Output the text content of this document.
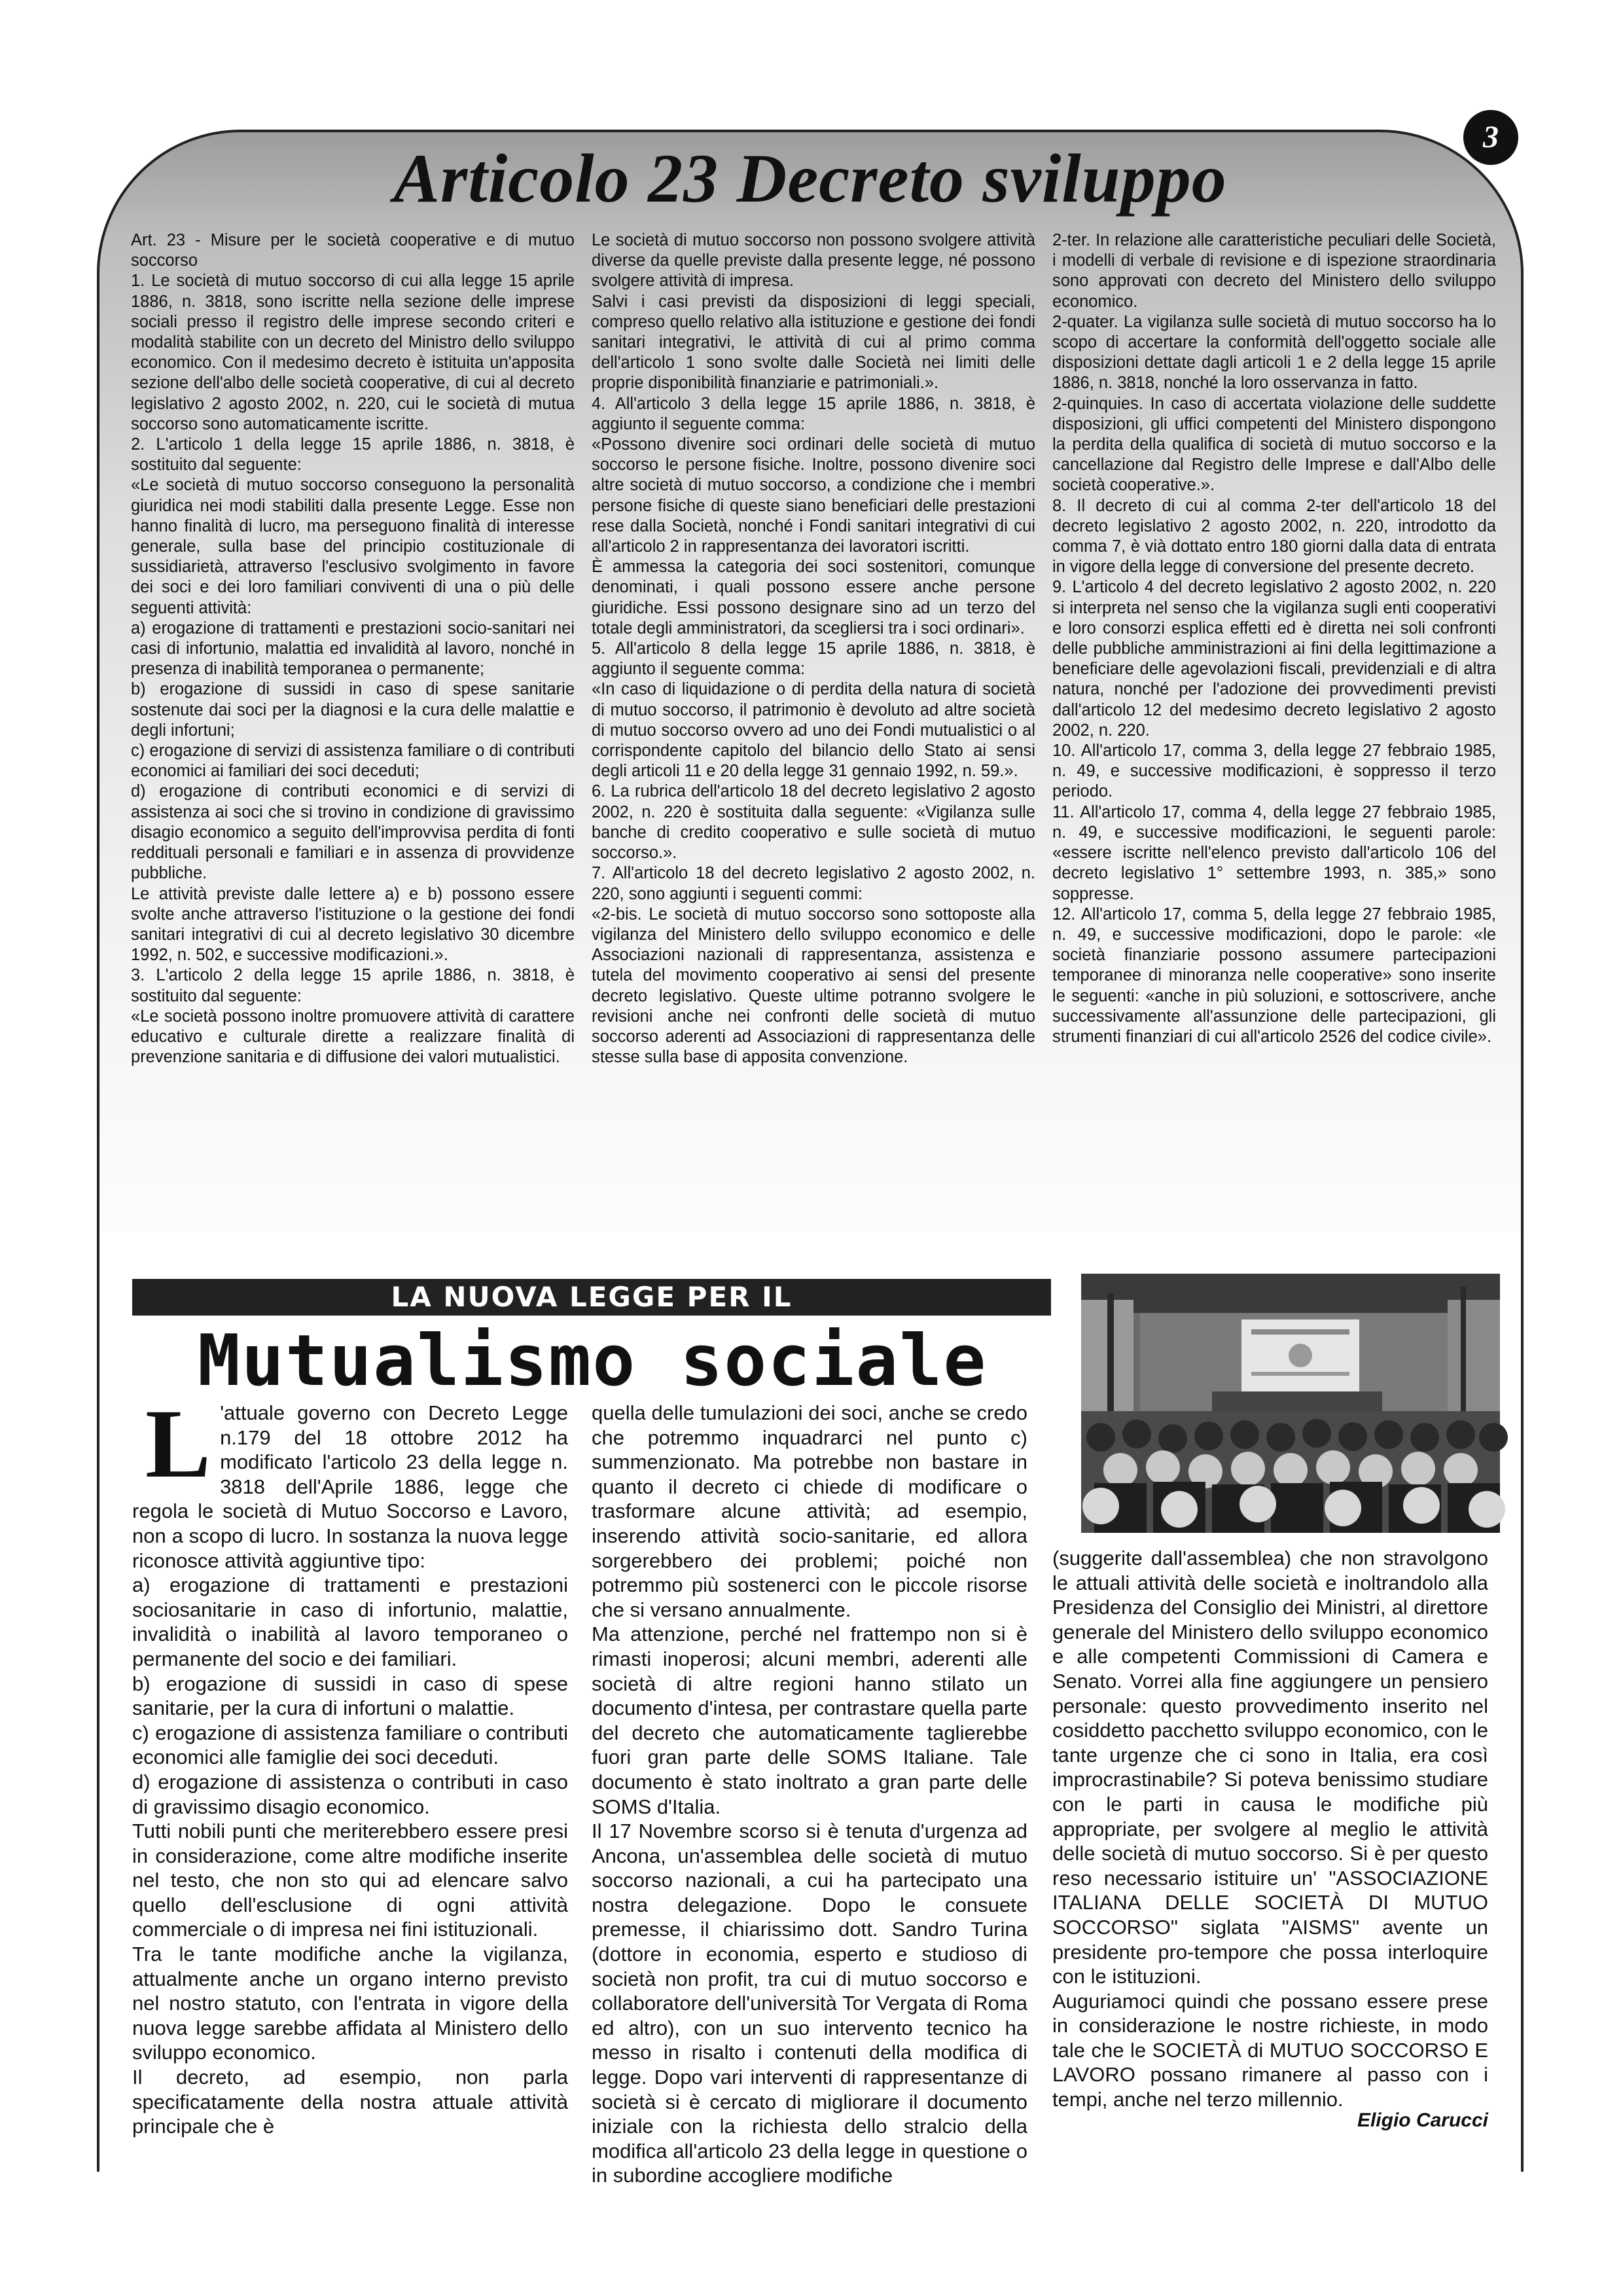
3
Articolo 23 Decreto sviluppo

Art. 23 - Misure per le società cooperative e di mutuo soccorso

1. Le società di mutuo soccorso di cui alla legge 15 aprile 1886, n. 3818, sono iscritte nella sezione delle imprese sociali presso il registro delle imprese secondo criteri e modalità stabilite con un decreto del Ministro dello sviluppo economico. Con il medesimo decreto è istituita un'apposita sezione dell'albo delle società cooperative, di cui al decreto legislativo 2 agosto 2002, n. 220, cui le società di mutua soccorso sono automaticamente iscritte.

2. L'articolo 1 della legge 15 aprile 1886, n. 3818, è sostituito dal seguente:

«Le società di mutuo soccorso conseguono la personalità giuridica nei modi stabiliti dalla presente Legge. Esse non hanno finalità di lucro, ma perseguono finalità di interesse generale, sulla base del principio costituzionale di sussidiarietà, attraverso l'esclusivo svolgimento in favore dei soci e dei loro familiari conviventi di una o più delle seguenti attività:

a) erogazione di trattamenti e prestazioni socio-sanitari nei casi di infortunio, malattia ed invalidità al lavoro, nonché in presenza di inabilità temporanea o permanente;

b) erogazione di sussidi in caso di spese sanitarie sostenute dai soci per la diagnosi e la cura delle malattie e degli infortuni;

c) erogazione di servizi di assistenza familiare o di contributi economici ai familiari dei soci deceduti;

d) erogazione di contributi economici e di servizi di assistenza ai soci che si trovino in condizione di gravissimo disagio economico a seguito dell'improvvisa perdita di fonti reddituali personali e familiari e in assenza di provvidenze pubbliche.

Le attività previste dalle lettere a) e b) possono essere svolte anche attraverso l'istituzione o la gestione dei fondi sanitari integrativi di cui al decreto legislativo 30 dicembre 1992, n. 502, e successive modificazioni.».

3. L'articolo 2 della legge 15 aprile 1886, n. 3818, è sostituito dal seguente:

«Le società possono inoltre promuovere attività di carattere educativo e culturale dirette a realizzare finalità di prevenzione sanitaria e di diffusione dei valori mutualistici.

Le società di mutuo soccorso non possono svolgere attività diverse da quelle previste dalla presente legge, né possono svolgere attività di impresa.

Salvi i casi previsti da disposizioni di leggi speciali, compreso quello relativo alla istituzione e gestione dei fondi sanitari integrativi, le attività di cui al primo comma dell'articolo 1 sono svolte dalle Società nei limiti delle proprie disponibilità finanziarie e patrimoniali.».

4. All'articolo 3 della legge 15 aprile 1886, n. 3818, è aggiunto il seguente comma:

«Possono divenire soci ordinari delle società di mutuo soccorso le persone fisiche. Inoltre, possono divenire soci altre società di mutuo soccorso, a condizione che i membri persone fisiche di queste siano beneficiari delle prestazioni rese dalla Società, nonché i Fondi sanitari integrativi di cui all'articolo 2 in rappresentanza dei lavoratori iscritti.

È ammessa la categoria dei soci sostenitori, comunque denominati, i quali possono essere anche persone giuridiche. Essi possono designare sino ad un terzo del totale degli amministratori, da scegliersi tra i soci ordinari».

5. All'articolo 8 della legge 15 aprile 1886, n. 3818, è aggiunto il seguente comma:

«In caso di liquidazione o di perdita della natura di società di mutuo soccorso, il patrimonio è devoluto ad altre società di mutuo soccorso ovvero ad uno dei Fondi mutualistici o al corrispondente capitolo del bilancio dello Stato ai sensi degli articoli 11 e 20 della legge 31 gennaio 1992, n. 59.».

6. La rubrica dell'articolo 18 del decreto legislativo 2 agosto 2002, n. 220 è sostituita dalla seguente: «Vigilanza sulle banche di credito cooperativo e sulle società di mutuo soccorso.».

7. All'articolo 18 del decreto legislativo 2 agosto 2002, n. 220, sono aggiunti i seguenti commi:

«2-bis. Le società di mutuo soccorso sono sottoposte alla vigilanza del Ministero dello sviluppo economico e delle Associazioni nazionali di rappresentanza, assistenza e tutela del movimento cooperativo ai sensi del presente decreto legislativo. Queste ultime potranno svolgere le revisioni anche nei confronti delle società di mutuo soccorso aderenti ad Associazioni di rappresentanza delle stesse sulla base di apposita convenzione.

2-ter. In relazione alle caratteristiche peculiari delle Società, i modelli di verbale di revisione e di ispezione straordinaria sono approvati con decreto del Ministero dello sviluppo economico.

2-quater. La vigilanza sulle società di mutuo soccorso ha lo scopo di accertare la conformità dell'oggetto sociale alle disposizioni dettate dagli articoli 1 e 2 della legge 15 aprile 1886, n. 3818, nonché la loro osservanza in fatto.

2-quinquies. In caso di accertata violazione delle suddette disposizioni, gli uffici competenti del Ministero dispongono la perdita della qualifica di società di mutuo soccorso e la cancellazione dal Registro delle Imprese e dall'Albo delle società cooperative.».

8. Il decreto di cui al comma 2-ter dell'articolo 18 del decreto legislativo 2 agosto 2002, n. 220, introdotto da comma 7, è vià dottato entro 180 giorni dalla data di entrata in vigore della legge di conversione del presente decreto.

9. L'articolo 4 del decreto legislativo 2 agosto 2002, n. 220 si interpreta nel senso che la vigilanza sugli enti cooperativi e loro consorzi esplica effetti ed è diretta nei soli confronti delle pubbliche amministrazioni ai fini della legittimazione a beneficiare delle agevolazioni fiscali, previdenziali e di altra natura, nonché per l'adozione dei provvedimenti previsti dall'articolo 12 del medesimo decreto legislativo 2 agosto 2002, n. 220.

10. All'articolo 17, comma 3, della legge 27 febbraio 1985, n. 49, e successive modificazioni, è soppresso il terzo periodo.

11. All'articolo 17, comma 4, della legge 27 febbraio 1985, n. 49, e successive modificazioni, le seguenti parole: «essere iscritte nell'elenco previsto dall'articolo 106 del decreto legislativo 1° settembre 1993, n. 385,» sono soppresse.

12. All'articolo 17, comma 5, della legge 27 febbraio 1985, n. 49, e successive modificazioni, dopo le parole: «le società finanziarie possono assumere partecipazioni temporanee di minoranza nelle cooperative» sono inserite le seguenti: «anche in più soluzioni, e sottoscrivere, anche successivamente all'assunzione delle partecipazioni, gli strumenti finanziari di cui all'articolo 2526 del codice civile».

LA NUOVA LEGGE PER IL
Mutualismo sociale
L 'attuale governo con Decreto Legge n.179 del 18 ottobre 2012 ha modificato l'articolo 23 della legge n. 3818 dell'Aprile 1886, legge che regola le società di Mutuo Soccorso e Lavoro, non a scopo di lucro. In sostanza la nuova legge riconosce attività aggiuntive tipo:

a) erogazione di trattamenti e prestazioni sociosanitarie in caso di infortunio, malattie, invalidità o inabilità al lavoro temporaneo o permanente del socio e dei familiari.

b) erogazione di sussidi in caso di spese sanitarie, per la cura di infortuni o malattie.

c) erogazione di assistenza familiare o contributi economici alle famiglie dei soci deceduti.

d) erogazione di assistenza o contributi in caso di gravissimo disagio economico.

Tutti nobili punti che meriterebbero essere presi in considerazione, come altre modifiche inserite nel testo, che non sto qui ad elencare salvo quello dell'esclusione di ogni attività commerciale o di impresa nei fini istituzionali.

Tra le tante modifiche anche la vigilanza, attualmente anche un organo interno previsto nel nostro statuto, con l'entrata in vigore della nuova legge sarebbe affidata al Ministero dello sviluppo economico.

Il decreto, ad esempio, non parla specificatamente della nostra attuale attività principale che è

quella delle tumulazioni dei soci, anche se credo che potremmo inquadrarci nel punto c) summenzionato. Ma potrebbe non bastare in quanto il decreto ci chiede di modificare o trasformare alcune attività; ad esempio, inserendo attività socio-sanitarie, ed allora sorgerebbero dei problemi; poiché non potremmo più sostenerci con le piccole risorse che si versano annualmente.

Ma attenzione, perché nel frattempo non si è rimasti inoperosi; alcuni membri, aderenti alle società di altre regioni hanno stilato un documento d'intesa, per contrastare quella parte del decreto che automaticamente taglierebbe fuori gran parte delle SOMS Italiane. Tale documento è stato inoltrato a gran parte delle SOMS d'Italia.

Il 17 Novembre scorso si è tenuta d'urgenza ad Ancona, un'assemblea delle società di mutuo soccorso nazionali, a cui ha partecipato una nostra delegazione. Dopo le consuete premesse, il chiarissimo dott. Sandro Turina (dottore in economia, esperto e studioso di società non profit, tra cui di mutuo soccorso e collaboratore dell'università Tor Vergata di Roma ed altro), con un suo intervento tecnico ha messo in risalto i contenuti della modifica di legge. Dopo vari interventi di rappresentanze di società si è cercato di migliorare il documento iniziale con la richiesta dello stralcio della modifica all'articolo 23 della legge in questione o in subordine accogliere modifiche

(suggerite dall'assemblea) che non stravolgono le attuali attività delle società e inoltrandolo alla Presidenza del Consiglio dei Ministri, al direttore generale del Ministero dello sviluppo economico e alle competenti Commissioni di Camera e Senato. Vorrei alla fine aggiungere un pensiero personale: questo provvedimento inserito nel cosiddetto pacchetto sviluppo economico, con le tante urgenze che ci sono in Italia, era così improcrastinabile? Si poteva benissimo studiare con le parti in causa le modifiche più appropriate, per svolgere al meglio le attività delle società di mutuo soccorso. Si è per questo reso necessario istituire un' "ASSOCIAZIONE ITALIANA DELLE SOCIETÀ DI MUTUO SOCCORSO" siglata "AISMS" avente un presidente pro-tempore che possa interloquire con le istituzioni.

Auguriamoci quindi che possano essere prese in considerazione le nostre richieste, in modo tale che le SOCIETÀ di MUTUO SOCCORSO E LAVORO possano rimanere al passo con i tempi, anche nel terzo millennio.

Eligio Carucci
